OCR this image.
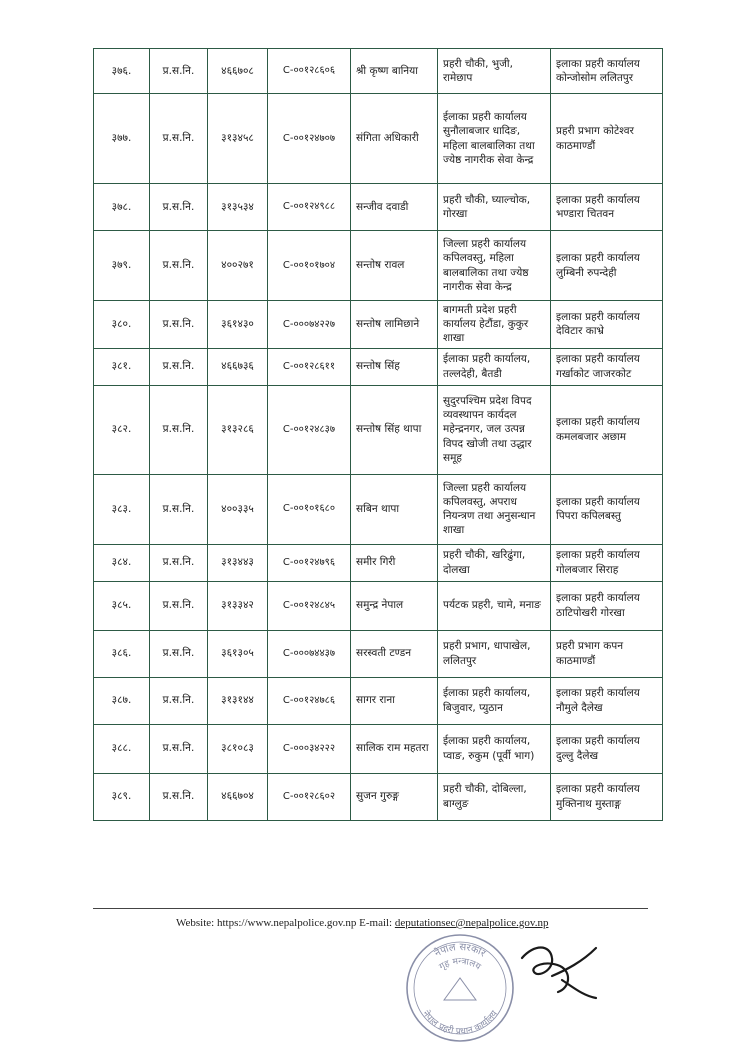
३७६.	प्र.स.नि.	४६६७०८	C-००१२८६०६	श्री कृष्ण बानिया	प्रहरी चौकी, भुजी, रामेछाप	इलाका प्रहरी कार्यालय कोन्जोसोम ललितपुर
३७७.	प्र.स.नि.	३१३४५८	C-००१२४७०७	संगिता अधिकारी	ईलाका प्रहरी कार्यालय सुनौलाबजार धादिङ, महिला बालबालिका तथा ज्येष्ठ नागरीक सेवा केन्द्र	प्रहरी प्रभाग कोटेश्वर काठमाण्डौं
३७८.	प्र.स.नि.	३१३५३४	C-००१२४९८८	सन्जीव दवाडी	प्रहरी चौकी, घ्याल्चोक, गोरखा	इलाका प्रहरी कार्यालय भण्डारा चितवन
३७९.	प्र.स.नि.	४००२७१	C-००१०१७०४	सन्तोष रावल	जिल्ला प्रहरी कार्यालय कपिलवस्तु, महिला बालबालिका तथा ज्येष्ठ नागरीक सेवा केन्द्र	इलाका प्रहरी कार्यालय लुम्बिनी रुपन्देही
३८०.	प्र.स.नि.	३६१४३०	C-०००७४२२७	सन्तोष लामिछाने	बागमती प्रदेश प्रहरी कार्यालय हेटौंडा, कुकुर शाखा	इलाका प्रहरी कार्यालय देविटार काभ्रे
३८१.	प्र.स.नि.	४६६७३६	C-००१२८६११	सन्तोष सिंह	ईलाका प्रहरी कार्यालय, तल्लदेही, बैतडी	इलाका प्रहरी कार्यालय गर्खाकोट जाजरकोट
३८२.	प्र.स.नि.	३१३२८६	C-००१२४८३७	सन्तोष सिंह थापा	सुदुरपश्चिम प्रदेश विपद व्यवस्थापन कार्यदल महेन्द्रनगर, जल उत्पन्न विपद खोजी तथा उद्धार समूह	इलाका प्रहरी कार्यालय कमलबजार अछाम
३८३.	प्र.स.नि.	४००३३५	C-००१०१६८०	सबिन थापा	जिल्ला प्रहरी कार्यालय कपिलवस्तु, अपराध नियन्त्रण तथा अनुसन्धान शाखा	इलाका प्रहरी कार्यालय पिपरा कपिलबस्तु
३८४.	प्र.स.नि.	३१३४४३	C-००१२४७९६	समीर गिरी	प्रहरी चौकी, खरिढुंगा, दोलखा	इलाका प्रहरी कार्यालय गोलबजार सिराह
३८५.	प्र.स.नि.	३१३३४२	C-००१२४८४५	समुन्द्र नेपाल	पर्यटक प्रहरी, चामे, मनाङ	इलाका प्रहरी कार्यालय ठाटिपोखरी गोरखा
३८६.	प्र.स.नि.	३६१३०५	C-०००७४४३७	सरस्वती टण्डन	प्रहरी प्रभाग, धापाखेल, ललितपुर	प्रहरी प्रभाग कपन काठमाण्डौं
३८७.	प्र.स.नि.	३१३१४४	C-००१२४७८६	सागर राना	ईलाका प्रहरी कार्यालय, बिजुवार, प्युठान	इलाका प्रहरी कार्यालय नौमुले दैलेख
३८८.	प्र.स.नि.	३८१०८३	C-०००३४२२२	सालिक राम महतरा	ईलाका प्रहरी कार्यालय, प्वाङ, रुकुम (पूर्वी भाग)	इलाका प्रहरी कार्यालय दुल्लु दैलेख
३८९.	प्र.स.नि.	४६६७०४	C-००१२८६०२	सुजन गुरुङ्ग	प्रहरी चौकी, दोबिल्ला, बाग्लुङ	इलाका प्रहरी कार्यालय मुक्तिनाथ मुस्ताङ्ग
Website: https://www.nepalpolice.gov.np E-mail: deputationsec@nepalpolice.gov.np
नेपाल सरकार
गृह मन्त्रालय
नेपाल प्रहरी प्रधान कार्यालय
